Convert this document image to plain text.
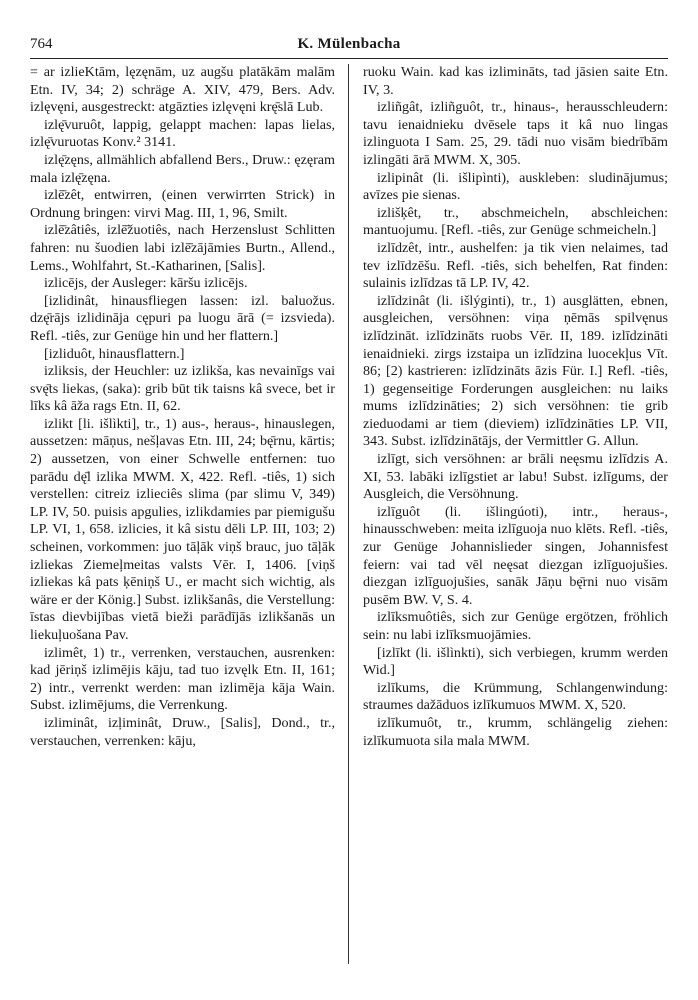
764	K. Mülenbacha

= ar izlieKtām, lęzęnām, uz augšu platākām malām Etn. IV, 34; 2) schräge A. XIV, 479, Bers. Adv. izlęvęni, ausgestreckt: atgāzties izlęvęni krę̄slā Lub.

izlę̄vuruôt, lappig, gelappt machen: lapas lielas, izlę̄vuruotas Konv.² 3141.

izlę̄zęns, allmählich abfallend Bers., Druw.: ęzęram mala izlę̄zęna.

izlē̄zêt, entwirren, (einen verwirrten Strick) in Ordnung bringen: virvi Mag. III, 1, 96, Smilt.

izlē̄zâtiês, izlē̄žuotiês, nach Herzenslust Schlitten fahren: nu šuodien labi izlē̄zājāmies Burtn., Allend., Lems., Wohlfahrt, St.-Katharinen, [Salis].

izlicējs, der Ausleger: kāršu izlicējs.

[izlidinât, hinausfliegen lassen: izl. baluožus. dzę̄rājs izlidināja cępuri pa luogu ārā (= izsvieda). Refl. -tiês, zur Genüge hin und her flattern.]

[izliduôt, hinausflattern.]

izliksis, der Heuchler: uz izlikša, kas nevainīgs vai svę̄ts liekas, (saka): grib būt tik taisns kâ svece, bet ir līks kâ āža rags Etn. II, 62.

izlikt [li. išlìkti], tr., 1) aus-, heraus-, hinauslegen, aussetzen: māņus, nešļavas Etn. III, 24; bę̄rnu, kārtis; 2) aussetzen, von einer Schwelle entfernen: tuo parādu dę̄l izlika MWM. X, 422. Refl. -tiês, 1) sich verstellen: citreiz izlieciês slima (par slimu V, 349) LP. IV, 50. puisis apgulies, izlikdamies par piemigušu LP. VI, 1, 658. izlicies, it kâ sistu dēli LP. III, 103; 2) scheinen, vorkommen: juo tāļāk viņš brauc, juo tāļāk izliekas Ziemeļmeitas valsts Vēr. I, 1406. [viņš izliekas kâ pats ķēniņš U., er macht sich wichtig, als wäre er der König.] Subst. izlikšanâs, die Verstellung: īstas dievbijības vietā bieži parādījās izlikšanās un liekuļuošana Pav.

izlimêt, 1) tr., verrenken, verstauchen, ausrenken: kad jēriņš izlimējis kāju, tad tuo izvęlk Etn. II, 161; 2) intr., verrenkt werden: man izlimēja kāja Wain. Subst. izlimējums, die Verrenkung.

izliminât, izļiminât, Druw., [Salis], Dond., tr., verstauchen, verrenken: kāju,

ruoku Wain. kad kas izlimināts, tad jāsien saite Etn. IV, 3.

izliñgât, izliñguôt, tr., hinaus-, herausschleudern: tavu ienaidnieku dvēsele taps it kâ nuo lingas izlinguota I Sam. 25, 29. tādi nuo visām biedrībām izlingāti ārā MWM. X, 305.

izlipinât (li. išlipìnti), auskleben: sludinājumus; avīzes pie sienas.

izlišķêt, tr., abschmeicheln, abschleichen: mantuojumu. [Refl. -tiês, zur Genüge schmeicheln.]

izlīdzêt, intr., aushelfen: ja tik vien nelaimes, tad tev izlīdzēšu. Refl. -tiês, sich behelfen, Rat finden: sulainis izlīdzas tā LP. IV, 42.

izlīdzinât (li. išlýginti), tr., 1) ausglätten, ebnen, ausgleichen, versöhnen: viņa ņēmās spilvęnus izlīdzināt. izlīdzināts ruobs Vēr. II, 189. izlīdzināti ienaidnieki. zirgs izstaipa un izlīdzina luocekļus Vīt. 86; [2) kastrieren: izlīdzināts āzis Für. I.] Refl. -tiês, 1) gegenseitige Forderungen ausgleichen: nu laiks mums izlīdzināties; 2) sich versöhnen: tie grib zieduodami ar tiem (dieviem) izlīdzināties LP. VII, 343. Subst. izlīdzinātājs, der Vermittler G. Allun.

izlīgt, sich versöhnen: ar brāli neęsmu izlīdzis A. XI, 53. labāki izlīgstiet ar labu! Subst. izlīgums, der Ausgleich, die Versöhnung.

izlīguôt (li. išlingúoti), intr., heraus-, hinausschweben: meita izlīguoja nuo klēts. Refl. -tiês, zur Genüge Johannislieder singen, Johannisfest feiern: vai tad vēl neęsat diezgan izlīguojušies. diezgan izlīguojušies, sanāk Jāņu bę̄rni nuo visām pusēm BW. V, S. 4.

izlīksmuôtiês, sich zur Genüge ergötzen, fröhlich sein: nu labi izlīksmuojāmies.

[izlīkt (li. išlìnkti), sich verbiegen, krumm werden Wid.]

izlīkums, die Krümmung, Schlangenwindung: straumes dažāduos izlīkumuos MWM. X, 520.

izlīkumuôt, tr., krumm, schlängelig ziehen: izlīkumuota sila mala MWM.
